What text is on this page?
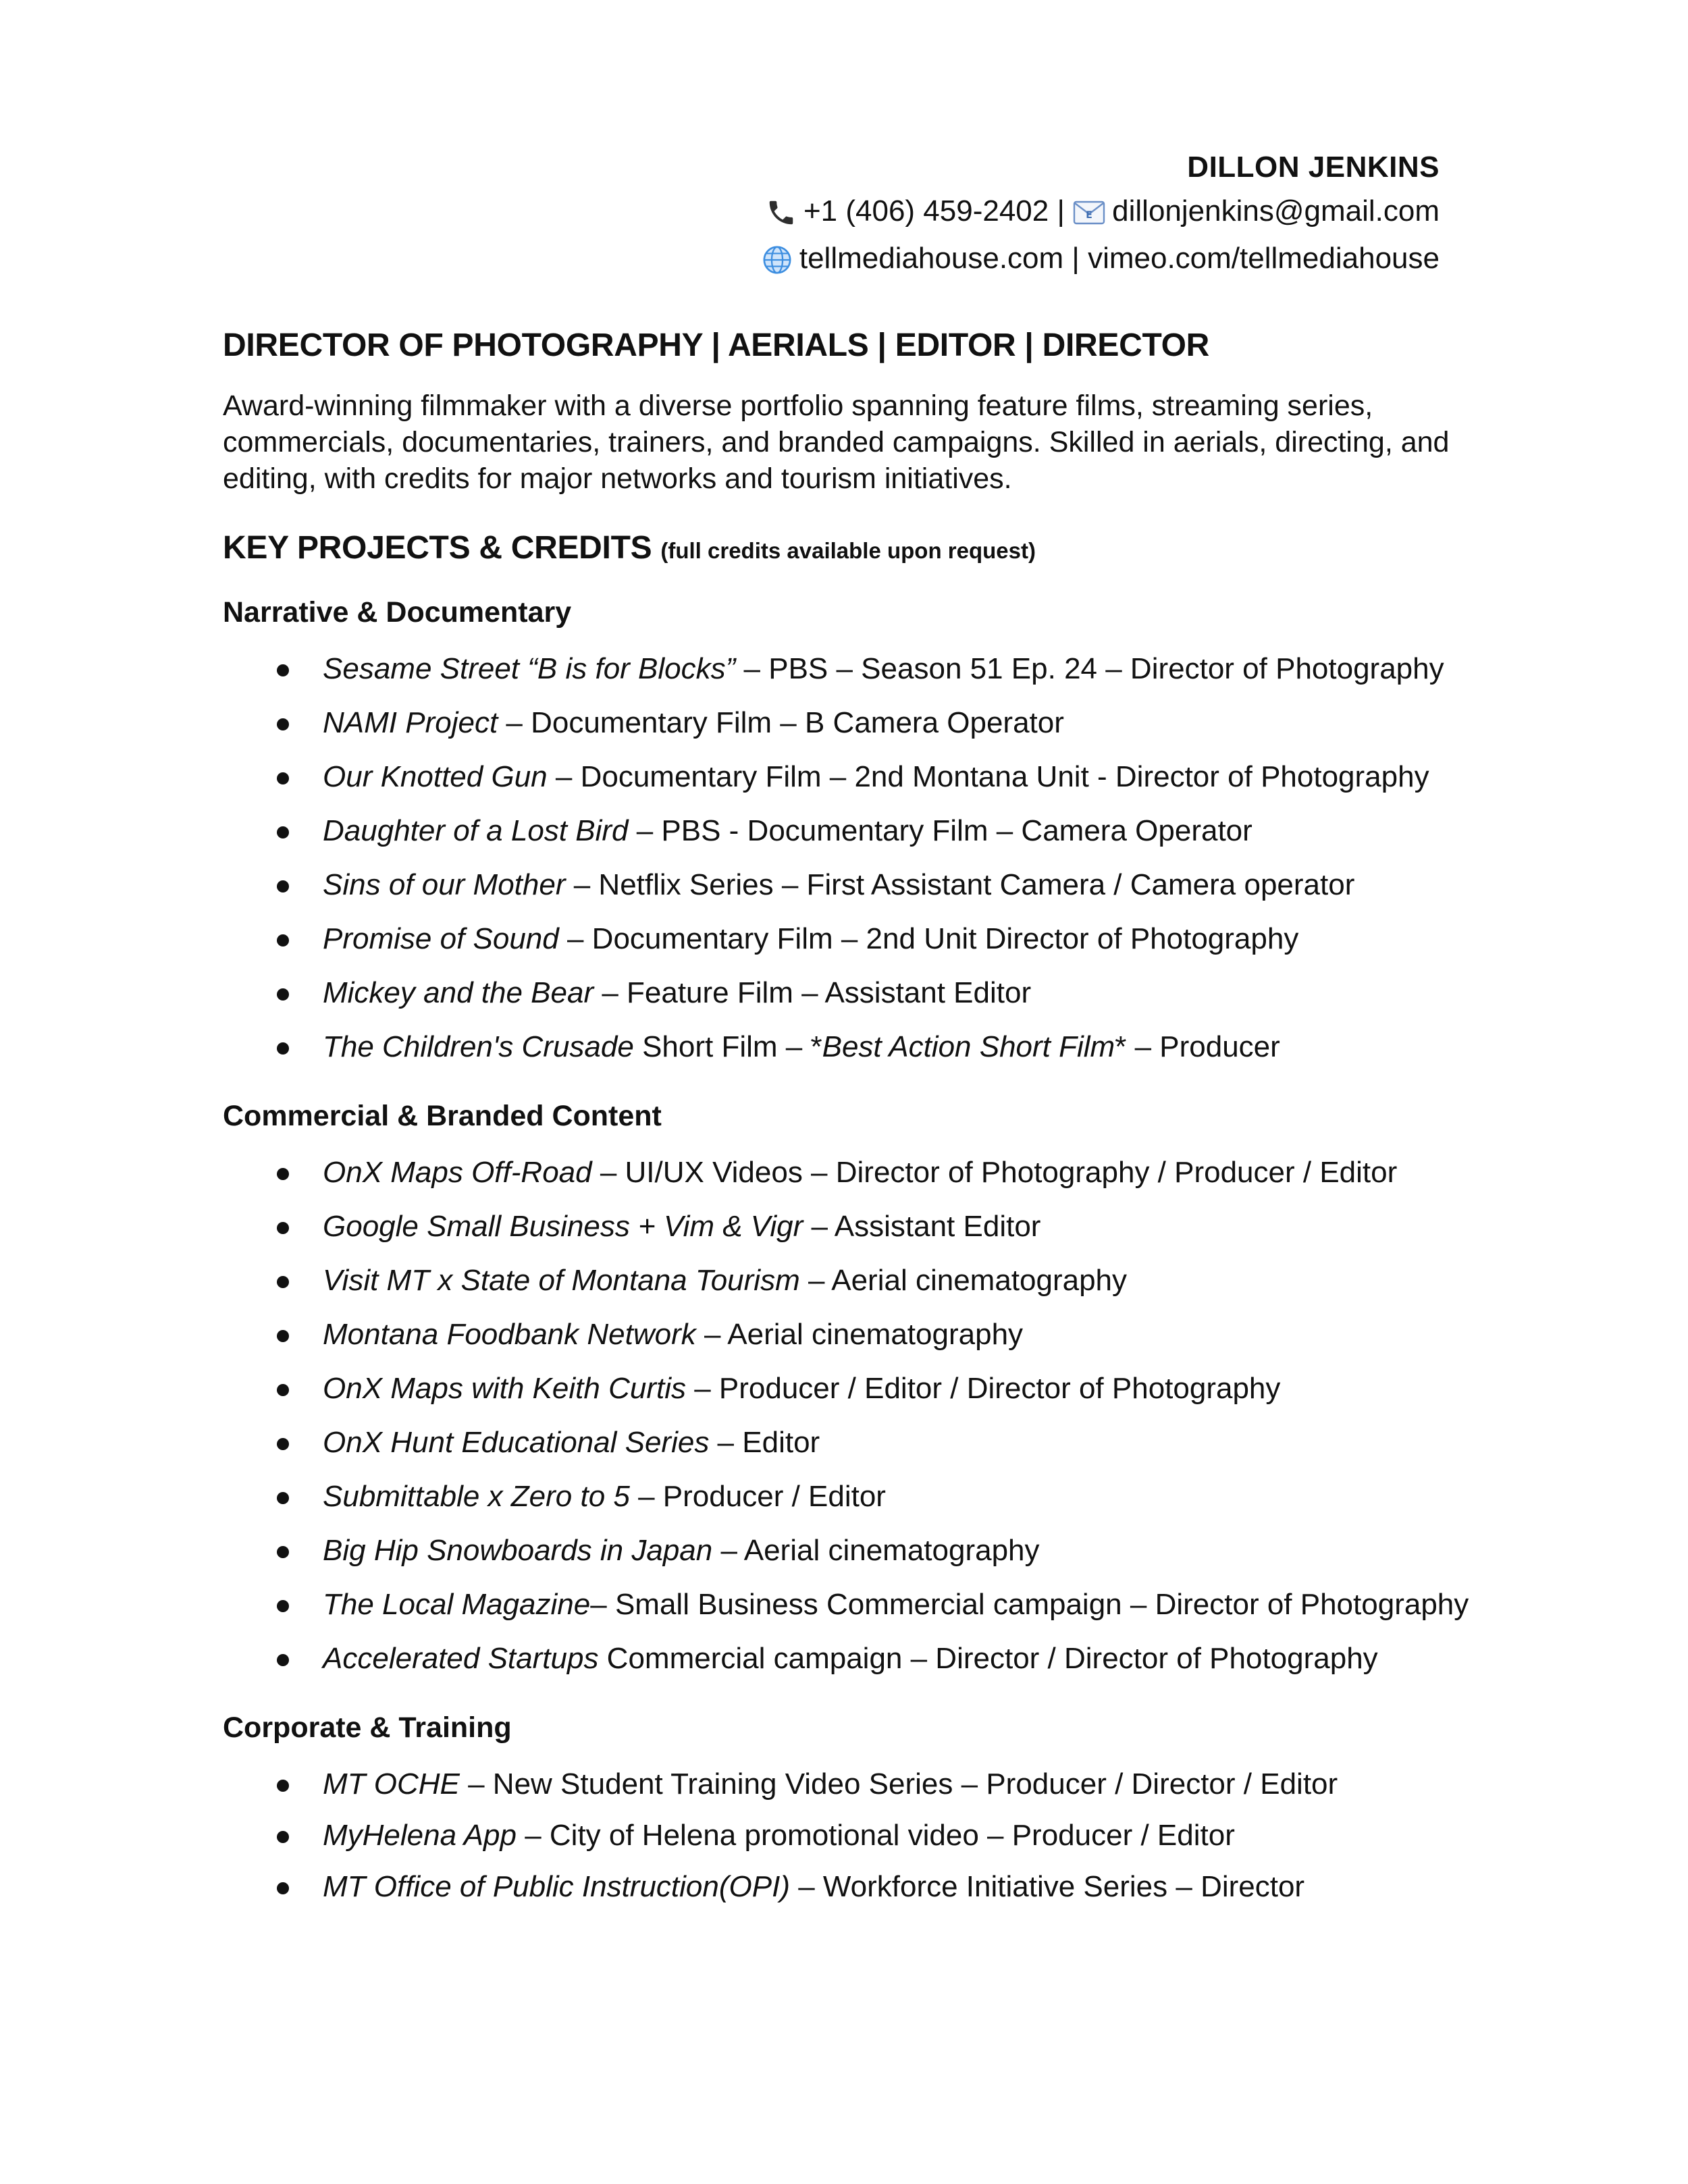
DILLON JENKINS

+1 (406) 459-2402 |	E dillonjenkins@gmail.com

tellmediahouse.com | vimeo.com/tellmediahouse

DIRECTOR OF PHOTOGRAPHY | AERIALS | EDITOR | DIRECTOR

Award-winning filmmaker with a diverse portfolio spanning feature films, streaming series, commercials, documentaries, trainers, and branded campaigns. Skilled in aerials, directing, and editing, with credits for major networks and tourism initiatives.

KEY PROJECTS & CREDITS (full credits available upon request)
Narrative & Documentary
Sesame Street “B is for Blocks” – PBS – Season 51 Ep. 24 – Director of Photography
NAMI Project – Documentary Film – B Camera Operator
Our Knotted Gun – Documentary Film – 2nd Montana Unit - Director of Photography
Daughter of a Lost Bird – PBS - Documentary Film – Camera Operator
Sins of our Mother – Netflix Series – First Assistant Camera / Camera operator
Promise of Sound – Documentary Film – 2nd Unit Director of Photography
Mickey and the Bear – Feature Film – Assistant Editor
The Children's Crusade Short Film – *Best Action Short Film* – Producer
Commercial & Branded Content
OnX Maps Off-Road – UI/UX Videos – Director of Photography / Producer / Editor
Google Small Business + Vim & Vigr – Assistant Editor
Visit MT x State of Montana Tourism – Aerial cinematography
Montana Foodbank Network – Aerial cinematography
OnX Maps with Keith Curtis – Producer / Editor / Director of Photography
OnX Hunt Educational Series – Editor
Submittable x Zero to 5 – Producer / Editor
Big Hip Snowboards in Japan – Aerial cinematography
The Local Magazine– Small Business Commercial campaign – Director of Photography
Accelerated Startups Commercial campaign – Director / Director of Photography
Corporate & Training
MT OCHE – New Student Training Video Series – Producer / Director / Editor
MyHelena App – City of Helena promotional video – Producer / Editor
MT Office of Public Instruction(OPI) – Workforce Initiative Series – Director
